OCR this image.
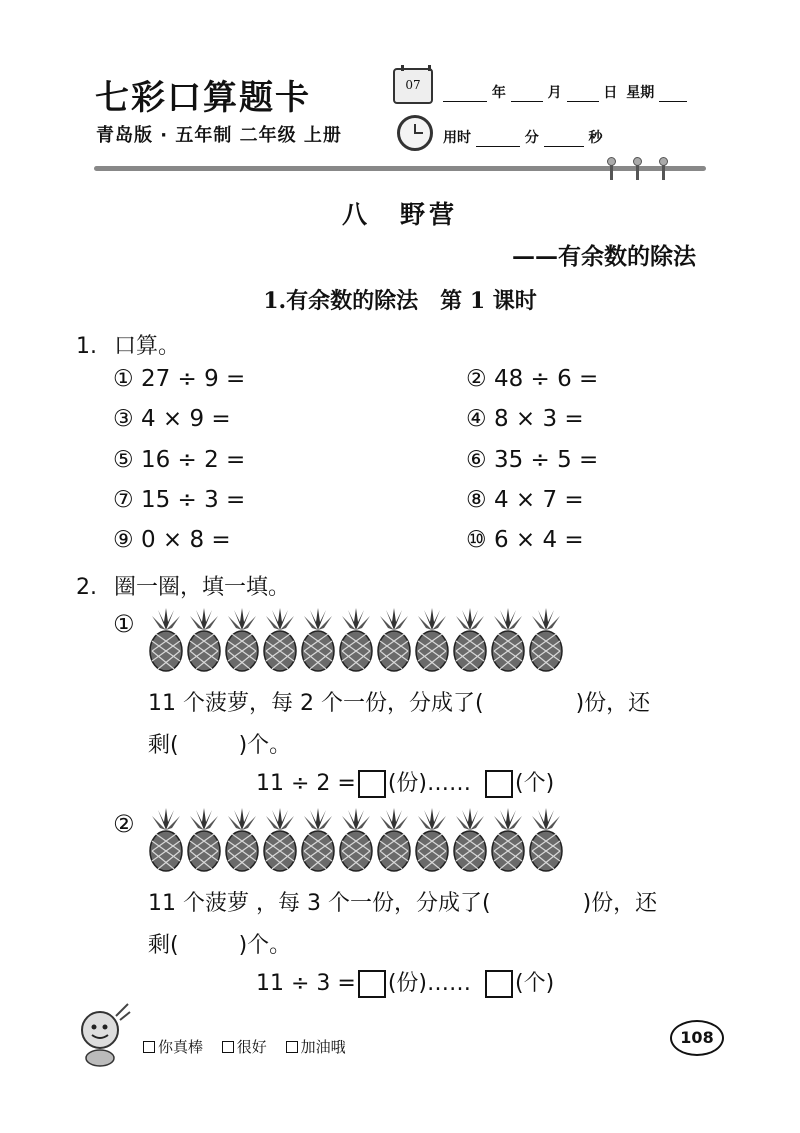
七彩口算题卡
青岛版 · 五年制 二年级 上册
07	年	月	日 星期
用时	分	秒
八　野营
——有余数的除法
1.有余数的除法　第 1 课时
1. 口算。
① 27 ÷ 9 =	② 48 ÷ 6 =
③ 4 × 9 =	④ 8 × 3 =
⑤ 16 ÷ 2 =	⑥ 35 ÷ 5 =
⑦ 15 ÷ 3 =	⑧ 4 × 7 =
⑨ 0 × 8 =	⑩ 6 × 4 =
2. 圈一圈，填一填。
①
11 个菠萝，每 2 个一份，分成了(	)份，还
剩(	)个。
11 ÷ 2 = (份)…… (个)
②
11 个菠萝 ，每 3 个一份，分成了(	)份，还
剩(	)个。
11 ÷ 3 = (份)…… (个)
你真棒 很好 加油哦	108
